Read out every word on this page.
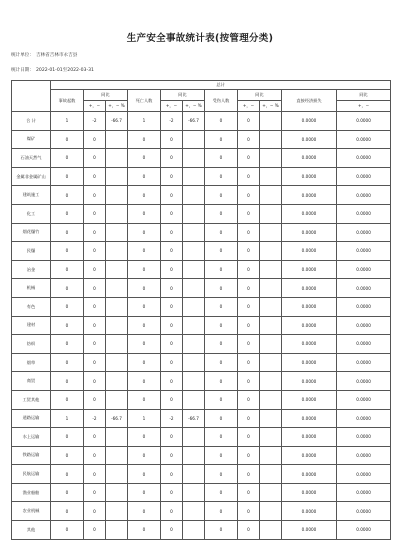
生产安全事故统计表(按管理分类)
统计单位： 吉林省吉林市永吉县
统计日期： 2022-01-01至2022-03-31
	总计										
	事故起数	同比		死亡人数	同比		受伤人数	同比		直接经济损失	同比
		+，−	+，− %		+，−	+，− %		+，−	+，− %		+，−
合 计	1	-2	-66.7	1	-2	-66.7	0	0		0.0000	0.0000
煤矿	0	0		0	0		0	0		0.0000	0.0000
石油天然气	0	0		0	0		0	0		0.0000	0.0000
金属非金属矿山	0	0		0	0		0	0		0.0000	0.0000
建筑施工	0	0		0	0		0	0		0.0000	0.0000
化工	0	0		0	0		0	0		0.0000	0.0000
烟花爆竹	0	0		0	0		0	0		0.0000	0.0000
民爆	0	0		0	0		0	0		0.0000	0.0000
冶金	0	0		0	0		0	0		0.0000	0.0000
机械	0	0		0	0		0	0		0.0000	0.0000
有色	0	0		0	0		0	0		0.0000	0.0000
建材	0	0		0	0		0	0		0.0000	0.0000
纺织	0	0		0	0		0	0		0.0000	0.0000
烟草	0	0		0	0		0	0		0.0000	0.0000
商贸	0	0		0	0		0	0		0.0000	0.0000
工贸其他	0	0		0	0		0	0		0.0000	0.0000
道路运输	1	-2	-66.7	1	-2	-66.7	0	0		0.0000	0.0000
水上运输	0	0		0	0		0	0		0.0000	0.0000
铁路运输	0	0		0	0		0	0		0.0000	0.0000
民航运输	0	0		0	0		0	0		0.0000	0.0000
渔业船舶	0	0		0	0		0	0		0.0000	0.0000
农业机械	0	0		0	0		0	0		0.0000	0.0000
其他	0	0		0	0		0	0		0.0000	0.0000
